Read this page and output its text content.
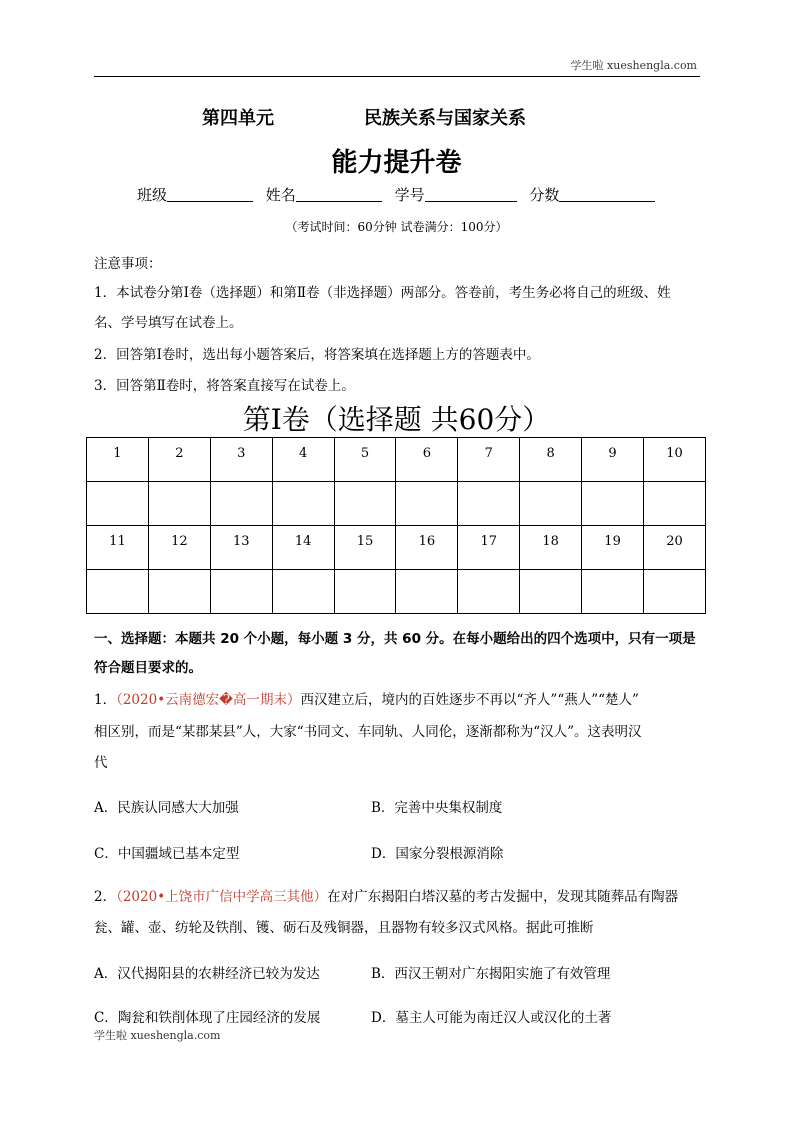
学生啦 xueshengla.com
第四单元	民族关系与国家关系
能力提升卷
班级	姓名	学号	分数
（考试时间：60分钟 试卷满分：100分）
注意事项：
1．本试卷分第Ⅰ卷（选择题）和第Ⅱ卷（非选择题）两部分。答卷前，考生务必将自己的班级、姓
名、学号填写在试卷上。
2．回答第Ⅰ卷时，选出每小题答案后，将答案填在选择题上方的答题表中。
3．回答第Ⅱ卷时，将答案直接写在试卷上。
第Ⅰ卷（选择题 共60分）
1	2	3	4	5	6	7	8	9	10

11	12	13	14	15	16	17	18	19	20

一、选择题：本题共 20 个小题，每小题 3 分，共 60 分。在每小题给出的四个选项中，只有一项是
符合题目要求的。
1．（2020•云南德宏�高一期末）西汉建立后，境内的百姓逐步不再以“齐人”“燕人”“楚人”
相区别，而是“某郡某县”人，大家“书同文、车同轨、人同伦，逐渐都称为“汉人”。这表明汉
代
A．民族认同感大大加强	B．完善中央集权制度
C．中国疆域已基本定型	D．国家分裂根源消除
2．（2020•上饶市广信中学高三其他）在对广东揭阳白塔汉墓的考古发掘中，发现其随葬品有陶器
瓮、罐、壶、纺轮及铁削、镬、砺石及残铜器，且器物有较多汉式风格。据此可推断
A．汉代揭阳县的农耕经济已较为发达	B．西汉王朝对广东揭阳实施了有效管理
C．陶瓮和铁削体现了庄园经济的发展	D．墓主人可能为南迁汉人或汉化的土著
学生啦 xueshengla.com
